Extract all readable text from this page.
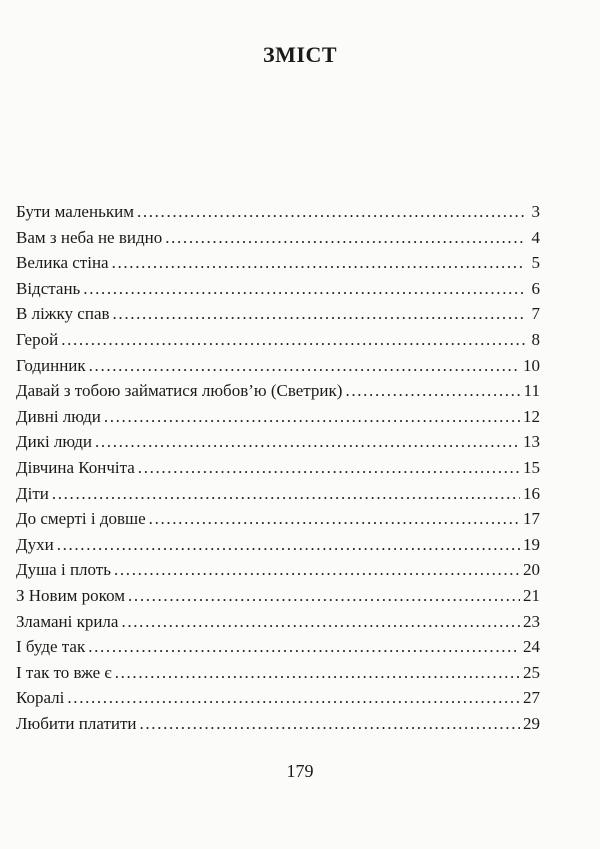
ЗМІСТ
Бути маленьким . . .	3
Вам з неба не видно . . .	4
Велика стіна . . .	5
Відстань . . .	6
В ліжку спав . . .	7
Герой . . .	8
Годинник . . .	10
Давай з тобою займатися любов’ю (Светрик) . . .	11
Дивні люди . . .	12
Дикі люди . . .	13
Дівчина Кончіта . . .	15
Діти . . .	16
До смерті і довше . . .	17
Духи . . .	19
Душа і плоть . . .	20
З Новим роком . . .	21
Зламані крила . . .	23
І буде так . . .	24
І так то вже є . . .	25
Коралі . . .	27
Любити платити . . .	29
179
